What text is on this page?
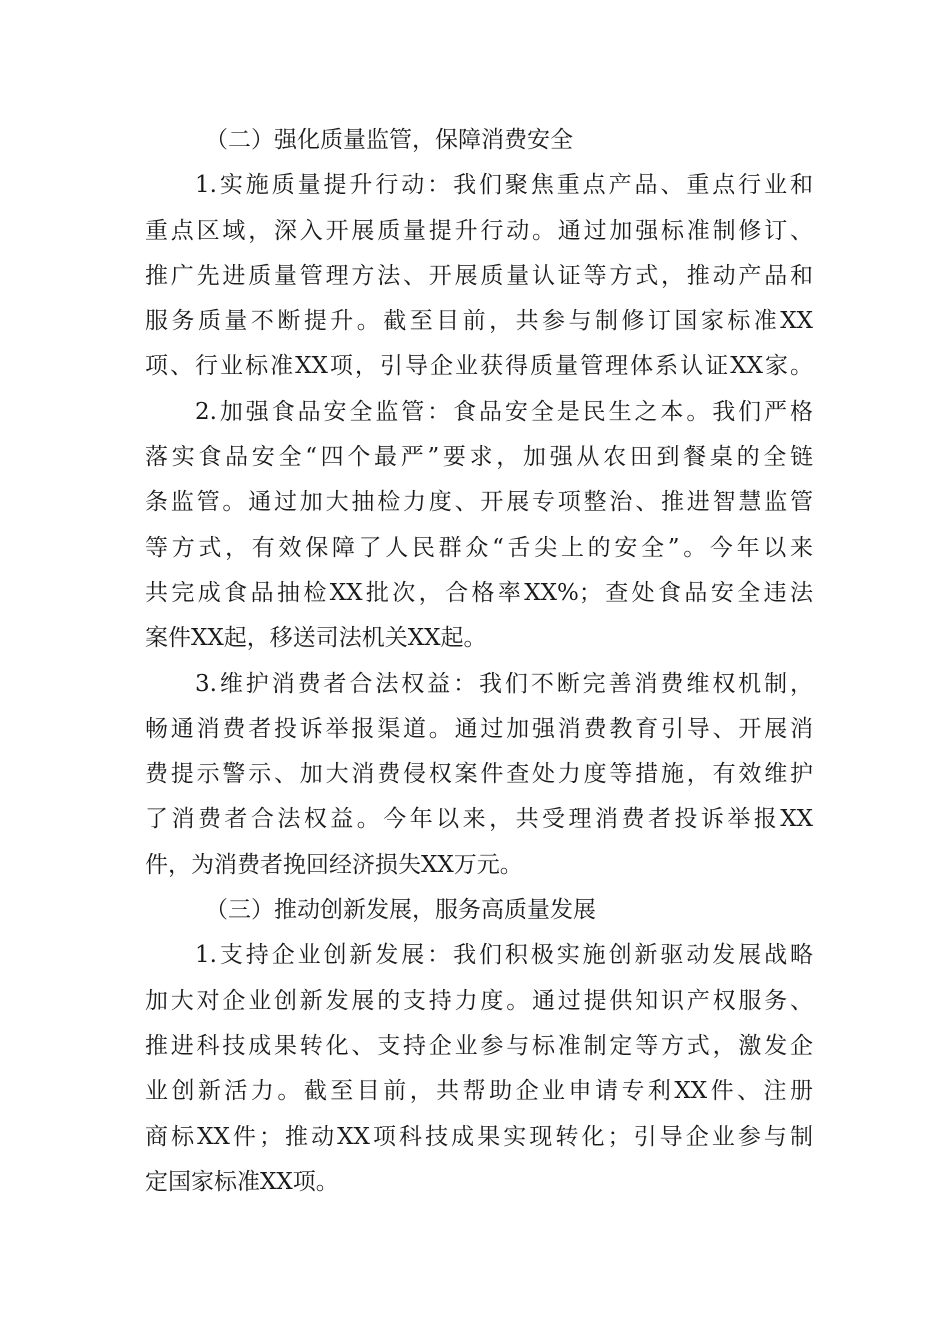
（二）强化质量监管，保障消费安全
1.实施质量提升行动：我们聚焦重点产品、重点行业和
重点区域，深入开展质量提升行动。通过加强标准制修订、
推广先进质量管理方法、开展质量认证等方式，推动产品和
服务质量不断提升。截至目前，共参与制修订国家标准XX
项、行业标准XX项，引导企业获得质量管理体系认证XX家。
2.加强食品安全监管：食品安全是民生之本。我们严格
落实食品安全“四个最严”要求，加强从农田到餐桌的全链
条监管。通过加大抽检力度、开展专项整治、推进智慧监管
等方式，有效保障了人民群众“舌尖上的安全”。今年以来
共完成食品抽检XX批次，合格率XX%；查处食品安全违法
案件XX起，移送司法机关XX起。
3.维护消费者合法权益：我们不断完善消费维权机制，
畅通消费者投诉举报渠道。通过加强消费教育引导、开展消
费提示警示、加大消费侵权案件查处力度等措施，有效维护
了消费者合法权益。今年以来，共受理消费者投诉举报XX
件，为消费者挽回经济损失XX万元。
（三）推动创新发展，服务高质量发展
1.支持企业创新发展：我们积极实施创新驱动发展战略
加大对企业创新发展的支持力度。通过提供知识产权服务、
推进科技成果转化、支持企业参与标准制定等方式，激发企
业创新活力。截至目前，共帮助企业申请专利XX件、注册
商标XX件；推动XX项科技成果实现转化；引导企业参与制
定国家标准XX项。
